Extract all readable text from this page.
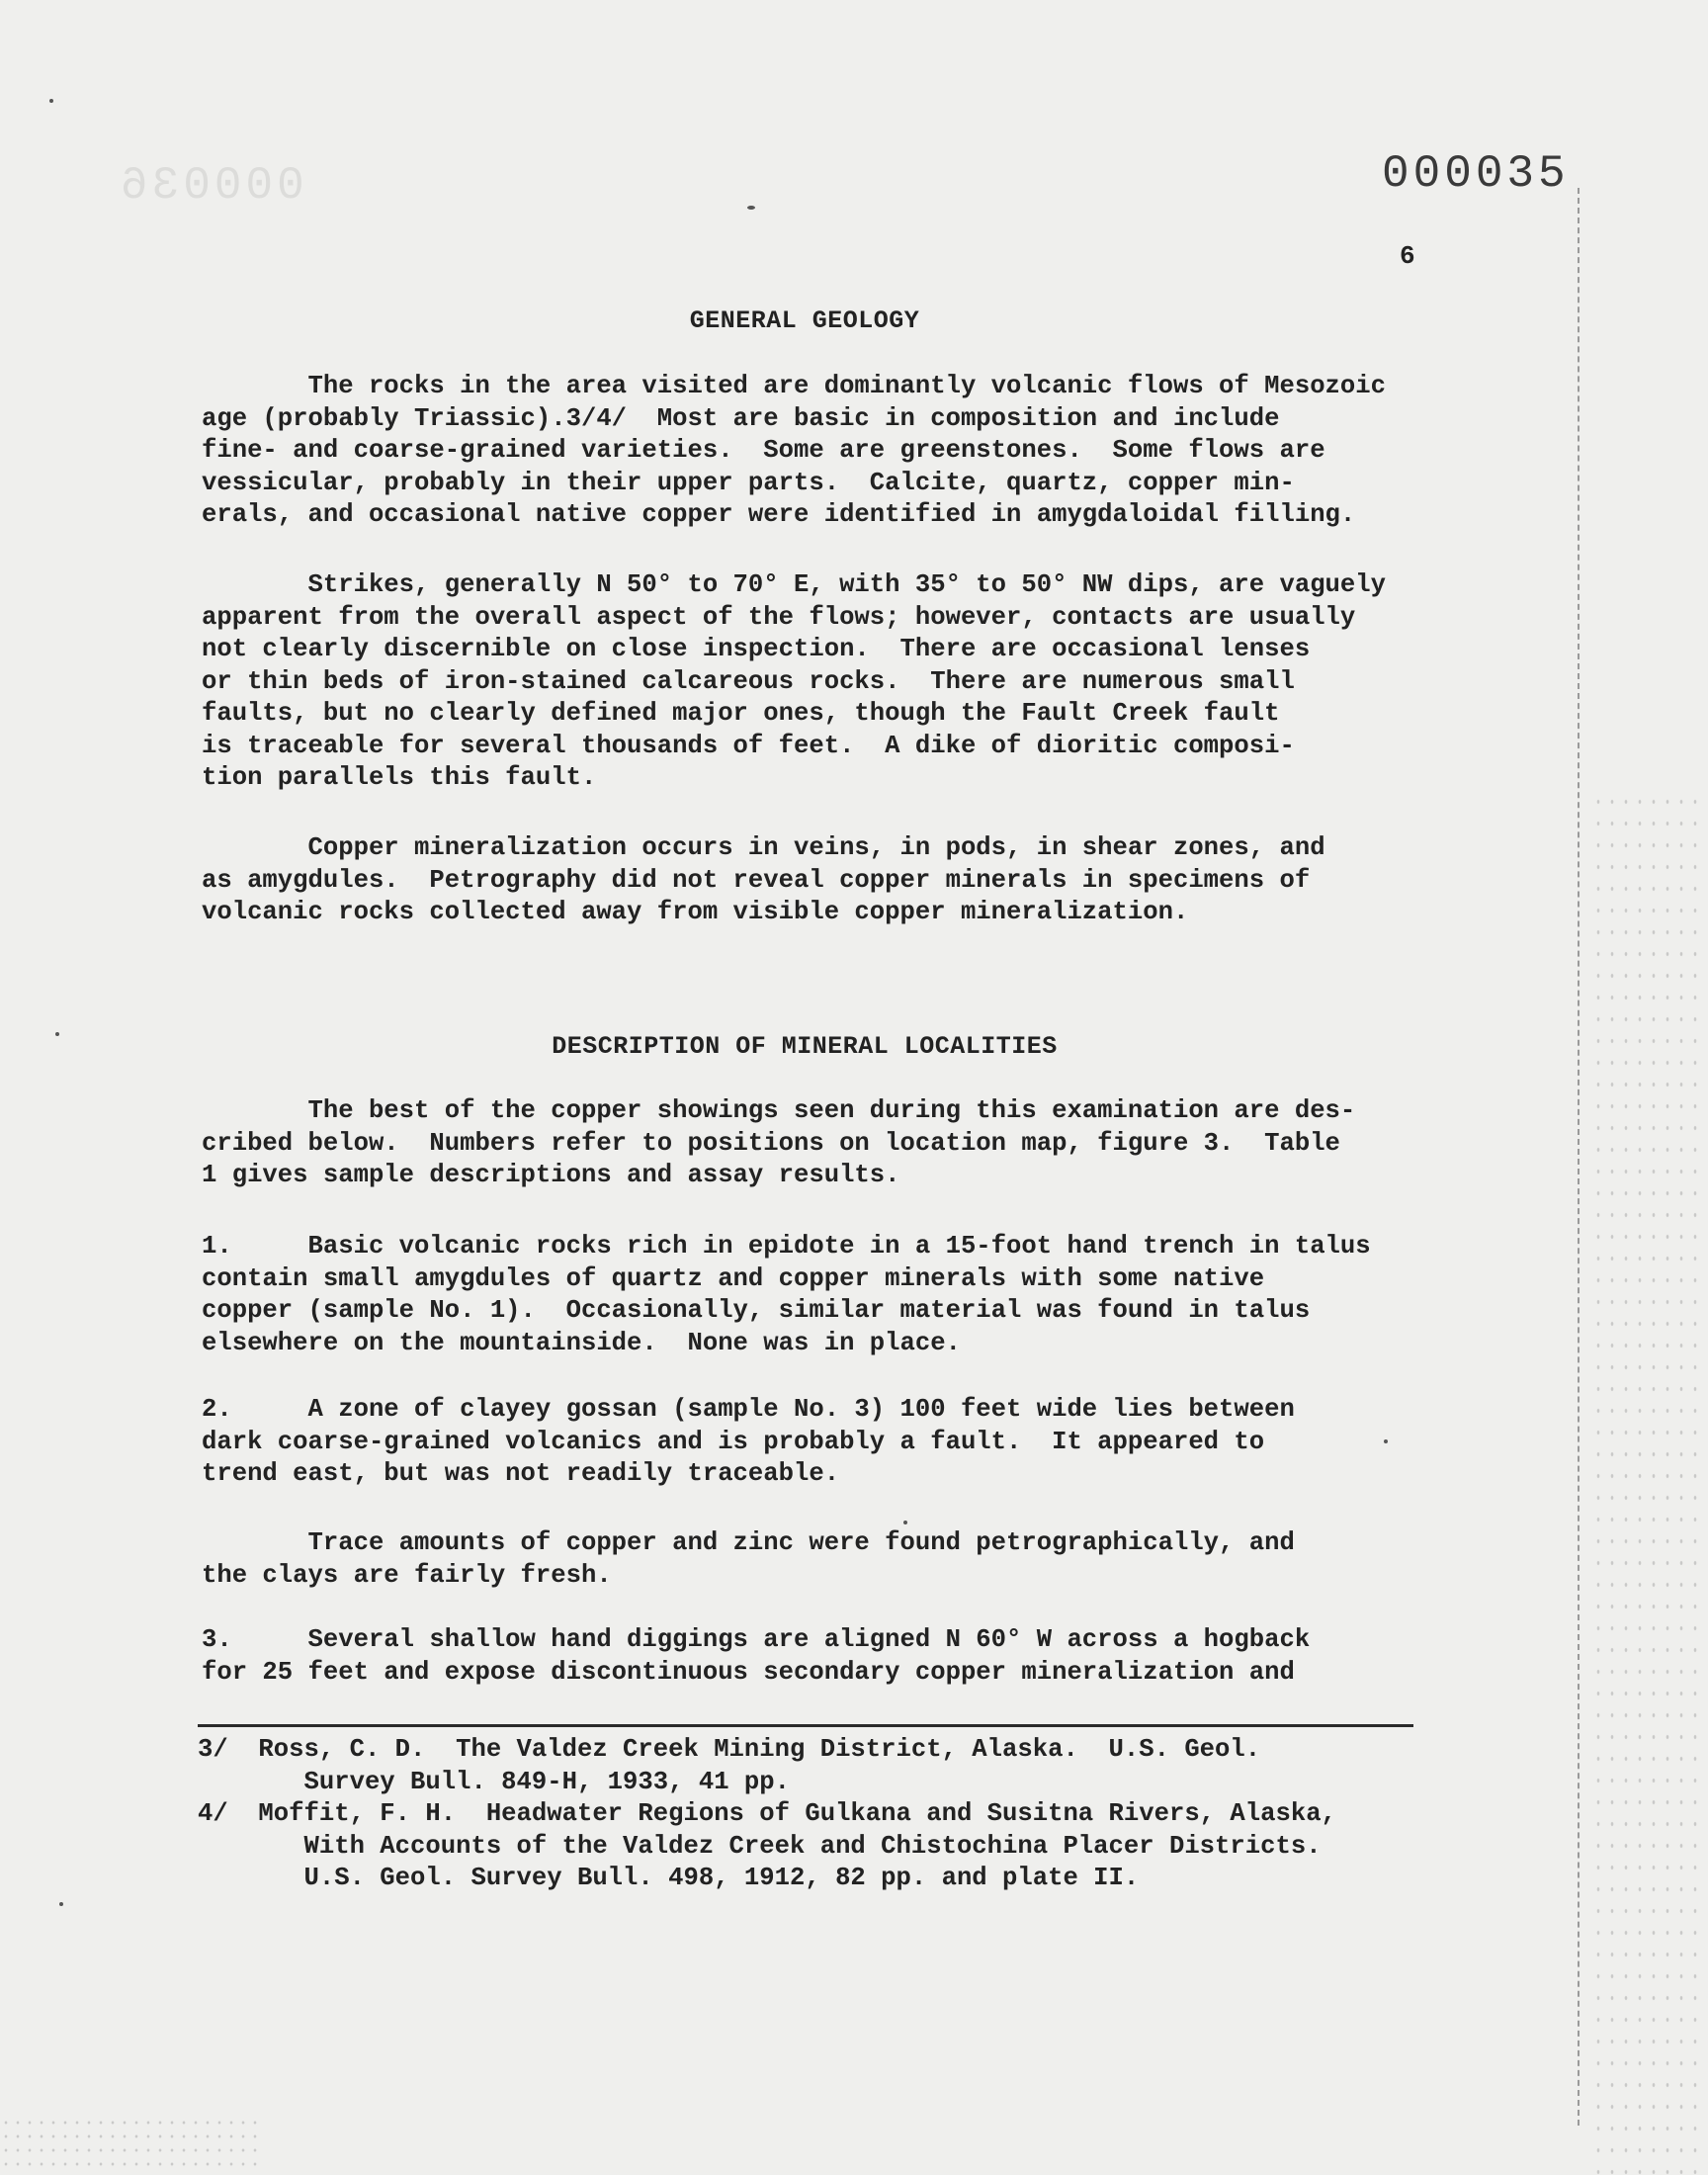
000036	000035
6
GENERAL GEOLOGY
The rocks in the area visited are dominantly volcanic flows of Mesozoic
age (probably Triassic).3/4/  Most are basic in composition and include
fine- and coarse-grained varieties.  Some are greenstones.  Some flows are
vessicular, probably in their upper parts.  Calcite, quartz, copper min-
erals, and occasional native copper were identified in amygdaloidal filling.
Strikes, generally N 50° to 70° E, with 35° to 50° NW dips, are vaguely
apparent from the overall aspect of the flows; however, contacts are usually
not clearly discernible on close inspection.  There are occasional lenses
or thin beds of iron-stained calcareous rocks.  There are numerous small
faults, but no clearly defined major ones, though the Fault Creek fault
is traceable for several thousands of feet.  A dike of dioritic composi-
tion parallels this fault.
Copper mineralization occurs in veins, in pods, in shear zones, and
as amygdules.  Petrography did not reveal copper minerals in specimens of
volcanic rocks collected away from visible copper mineralization.
DESCRIPTION OF MINERAL LOCALITIES
The best of the copper showings seen during this examination are des-
cribed below.  Numbers refer to positions on location map, figure 3.  Table
1 gives sample descriptions and assay results.
1.     Basic volcanic rocks rich in epidote in a 15-foot hand trench in talus
contain small amygdules of quartz and copper minerals with some native
copper (sample No. 1).  Occasionally, similar material was found in talus
elsewhere on the mountainside.  None was in place.
2.     A zone of clayey gossan (sample No. 3) 100 feet wide lies between
dark coarse-grained volcanics and is probably a fault.  It appeared to
trend east, but was not readily traceable.
Trace amounts of copper and zinc were found petrographically, and
the clays are fairly fresh.
3.     Several shallow hand diggings are aligned N 60° W across a hogback
for 25 feet and expose discontinuous secondary copper mineralization and
3/  Ross, C. D.  The Valdez Creek Mining District, Alaska.  U.S. Geol.
Survey Bull. 849-H, 1933, 41 pp.
4/  Moffit, F. H.  Headwater Regions of Gulkana and Susitna Rivers, Alaska,
With Accounts of the Valdez Creek and Chistochina Placer Districts.
U.S. Geol. Survey Bull. 498, 1912, 82 pp. and plate II.
